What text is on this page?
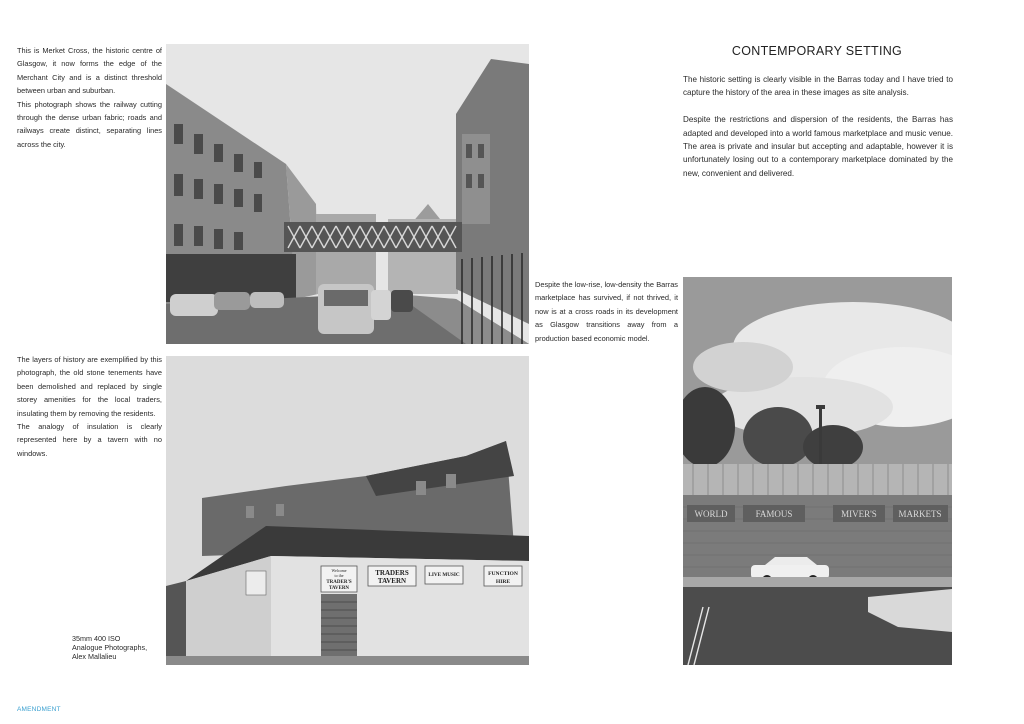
This is Merket Cross, the historic centre of Glasgow, it now forms the edge of the Merchant City and is a distinct threshold between urban and suburban.

This photograph shows the railway cutting through the dense urban fabric; roads and railways create distinct, separating lines across the city.

The layers of history are exemplified by this photograph, the old stone tenements have been demolished and replaced by single storey amenities for the local traders, insulating them by removing the residents.

The analogy of insulation is clearly represented here by a tavern with no windows.

Welcome
to the
TRADER'S
TAVERN
TRADERS
TAVERN
LIVE MUSIC	FUNCTION
HIRE
35mm 400 ISO
Analogue Photographs,
Alex Mallalieu
CONTEMPORARY SETTING

The historic setting is clearly visible in the Barras today and I have tried to capture the history of the area in these images as site analysis.

Despite the restrictions and dispersion of the residents, the Barras has adapted and developed into a world famous marketplace and music venue. The area is private and insular but accepting and adaptable, however it is unfortunately losing out to a contemporary marketplace dominated by the new, convenient and delivered.

Despite the low-rise, low-density the Barras marketplace has survived, if not thrived, it now is at a cross roads in its development as Glasgow transitions away from a production based economic model.

WORLD	FAMOUS	MIVER'S MARKETS
AMENDMENT
